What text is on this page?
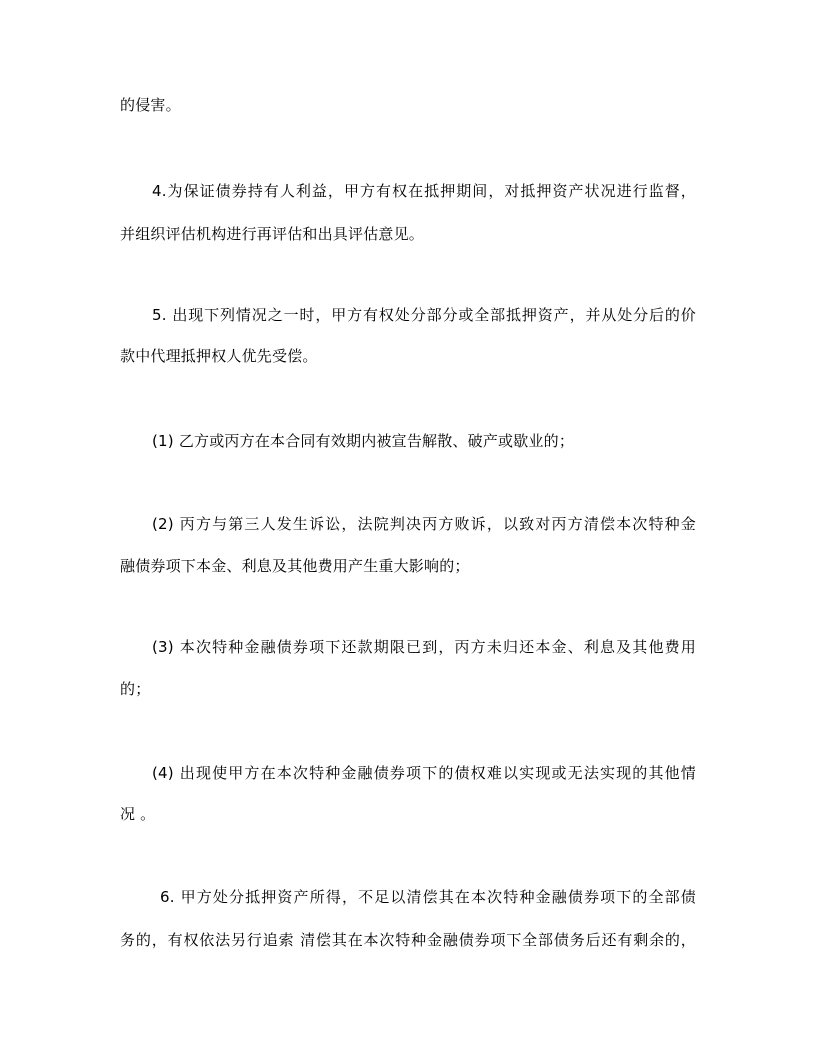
的侵害。
4.为保证债券持有人利益，甲方有权在抵押期间，对抵押资产状况进行监督，
并组织评估机构进行再评估和出具评估意见。
5. 出现下列情况之一时，甲方有权处分部分或全部抵押资产，并从处分后的价
款中代理抵押权人优先受偿。
(1) 乙方或丙方在本合同有效期内被宣告解散、破产或歇业的；
(2) 丙方与第三人发生诉讼，法院判决丙方败诉，以致对丙方清偿本次特种金
融债券项下本金、利息及其他费用产生重大影响的；
(3) 本次特种金融债券项下还款期限已到，丙方未归还本金、利息及其他费用
的；
(4) 出现使甲方在本次特种金融债券项下的债权难以实现或无法实现的其他情
况 。
6. 甲方处分抵押资产所得，不足以清偿其在本次特种金融债券项下的全部债
务的，有权依法另行追索 清偿其在本次特种金融债券项下全部债务后还有剩余的，
